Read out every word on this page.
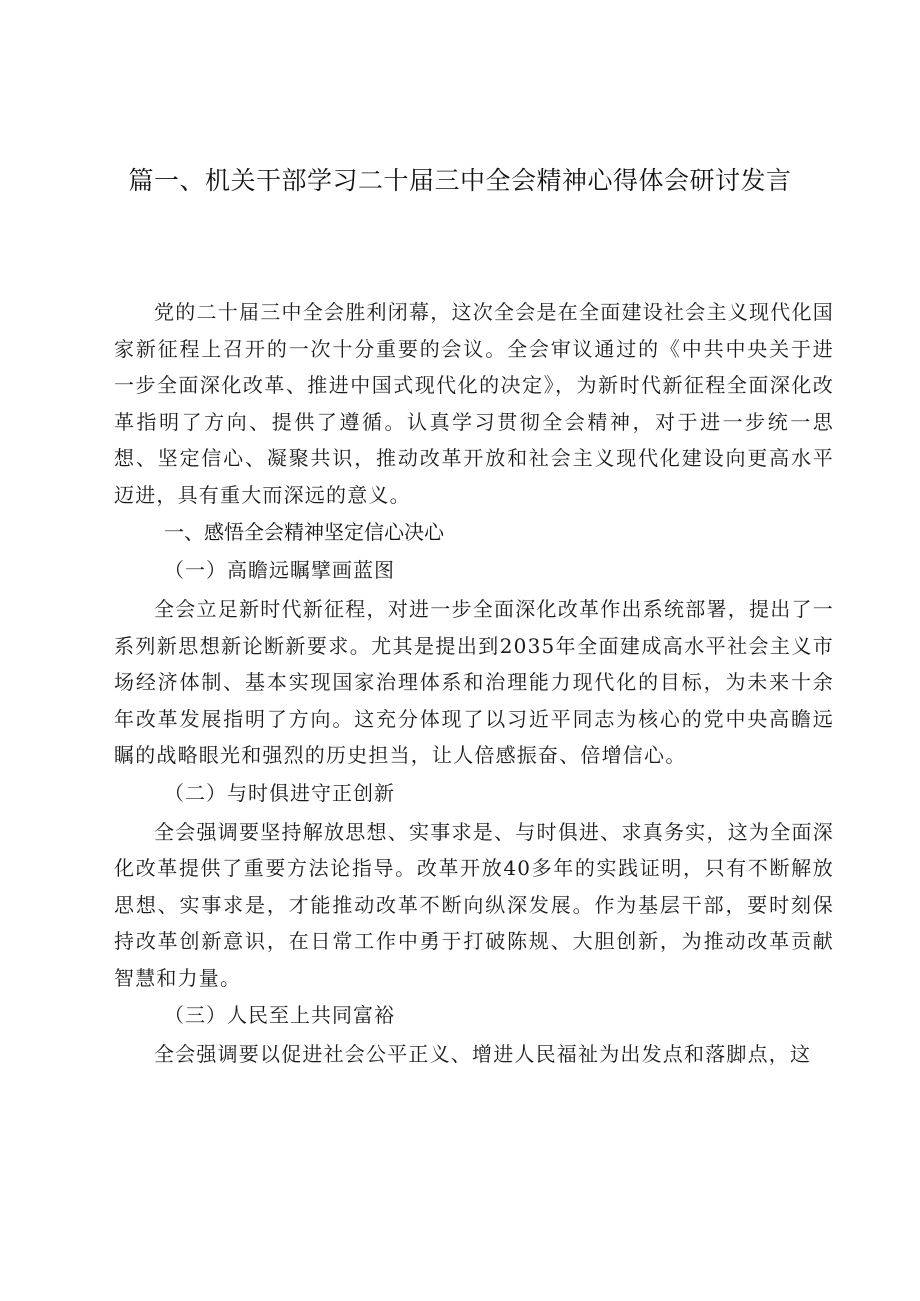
篇一、机关干部学习二十届三中全会精神心得体会研讨发言

党的二十届三中全会胜利闭幕，这次全会是在全面建设社会主义现代化国家新征程上召开的一次十分重要的会议。全会审议通过的《中共中央关于进一步全面深化改革、推进中国式现代化的决定》，为新时代新征程全面深化改革指明了方向、提供了遵循。认真学习贯彻全会精神，对于进一步统一思想、坚定信心、凝聚共识，推动改革开放和社会主义现代化建设向更高水平迈进，具有重大而深远的意义。

一、感悟全会精神坚定信心决心

（一）高瞻远瞩擘画蓝图

全会立足新时代新征程，对进一步全面深化改革作出系统部署，提出了一系列新思想新论断新要求。尤其是提出到2035年全面建成高水平社会主义市场经济体制、基本实现国家治理体系和治理能力现代化的目标，为未来十余年改革发展指明了方向。这充分体现了以习近平同志为核心的党中央高瞻远瞩的战略眼光和强烈的历史担当，让人倍感振奋、倍增信心。

（二）与时俱进守正创新

全会强调要坚持解放思想、实事求是、与时俱进、求真务实，这为全面深化改革提供了重要方法论指导。改革开放40多年的实践证明，只有不断解放思想、实事求是，才能推动改革不断向纵深发展。作为基层干部，要时刻保持改革创新意识，在日常工作中勇于打破陈规、大胆创新，为推动改革贡献智慧和力量。

（三）人民至上共同富裕

全会强调要以促进社会公平正义、增进人民福祉为出发点和落脚点，这
